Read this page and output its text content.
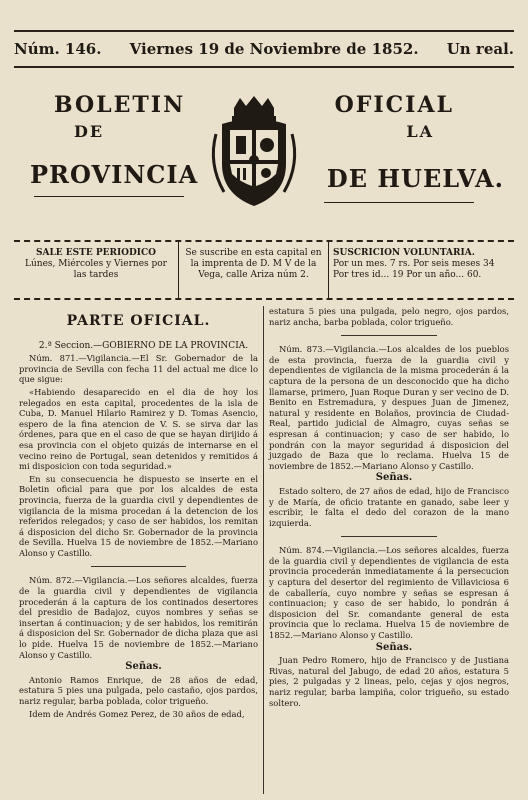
Núm. 146. Viernes 19 de Noviembre de 1852. Un real.
BOLETIN
DE
PROVINCIA
OFICIAL
LA
DE HUELVA.
SALE ESTE PERIODICO
Lúnes, Miércoles y Viernes por las tardes
Se suscribe en esta capital en la imprenta de D. M V de la Vega, calle Ariza núm 2.
SUSCRICION VOLUNTARIA.
Por un mes. 7 rs. Por seis meses 34
Por tres id... 19 Por un año... 60.
PARTE OFICIAL.

2.ª Seccion.—GOBIERNO DE LA PROVINCIA.

Núm. 871.—Vigilancia.—El Sr. Gobernador de la provincia de Sevilla con fecha 11 del actual me dice lo que sigue:

«Habiendo desaparecido en el dia de hoy los relegados en esta capital, procedentes de la isla de Cuba, D. Manuel Hilario Ramirez y D. Tomas Asencio, espero de la fina atencion de V. S. se sirva dar las órdenes, para que en el caso de que se hayan dirijido á esa provincia con el objeto quizás de internarse en el vecino reino de Portugal, sean detenidos y remitidos á mi disposicion con toda seguridad.»

En su consecuencia he dispuesto se inserte en el Boletin oficial para que por los alcaldes de esta provincia, fuerza de la guardia civil y dependientes de vigilancia de la misma procedan á la detencion de los referidos relegados; y caso de ser habidos, los remitan á disposicion del dicho Sr. Gobernador de la provincia de Sevilla. Huelva 15 de noviembre de 1852.—Mariano Alonso y Castillo.

Núm. 872.—Vigilancia.—Los señores alcaldes, fuerza de la guardia civil y dependientes de vigilancia procederán á la captura de los continados desertores del presidio de Badajoz, cuyos nombres y señas se insertan á continuacion; y de ser habidos, los remitirán á disposicion del Sr. Gobernador de dicha plaza que asi lo pide. Huelva 15 de noviembre de 1852.—Mariano Alonso y Castillo.

Señas.

Antonio Ramos Enrique, de 28 años de edad, estatura 5 pies una pulgada, pelo castaño, ojos pardos, nariz regular, barba poblada, color trigueño.

Idem de Andrés Gomez Perez, de 30 años de edad,

estatura 5 pies una pulgada, pelo negro, ojos pardos, nariz ancha, barba poblada, color trigueño.

Núm. 873.—Vigilancia.—Los alcaldes de los pueblos de esta provincia, fuerza de la guardia civil y dependientes de vigilancia de la misma procederán á la captura de la persona de un desconocido que ha dicho llamarse, primero, Juan Roque Duran y ser vecino de D. Benito en Estremadura, y despues Juan de Jimenez, natural y residente en Bolaños, provincia de Ciudad-Real, partido judicial de Almagro, cuyas señas se espresan á continuacion; y caso de ser habido, lo pondrán con la mayor seguridad á disposicion del juzgado de Baza que lo reclama. Huelva 15 de noviembre de 1852.—Mariano Alonso y Castillo.

Señas.

Estado soltero, de 27 años de edad, hijo de Francisco y de María, de oficio tratante en ganado, sabe leer y escribir, le falta el dedo del corazon de la mano izquierda.

Núm. 874.—Vigilancia.—Los señores alcaldes, fuerza de la guardia civil y dependientes de vigilancia de esta provincia procederán inmediatamente á la persecucion y captura del desertor del regimiento de Villaviciosa 6 de caballería, cuyo nombre y señas se espresan á continuacion; y caso de ser habido, lo pondrán á disposicion del Sr. comandante general de esta provincia que lo reclama. Huelva 15 de noviembre de 1852.—Mariano Alonso y Castillo.

Señas.

Juan Pedro Romero, hijo de Francisco y de Justiana Rivas, natural del Jabugo, de edad 20 años, estatura 5 pies, 2 pulgadas y 2 lineas, pelo, cejas y ojos negros, nariz regular, barba lampiña, color trigueño, su estado soltero.
